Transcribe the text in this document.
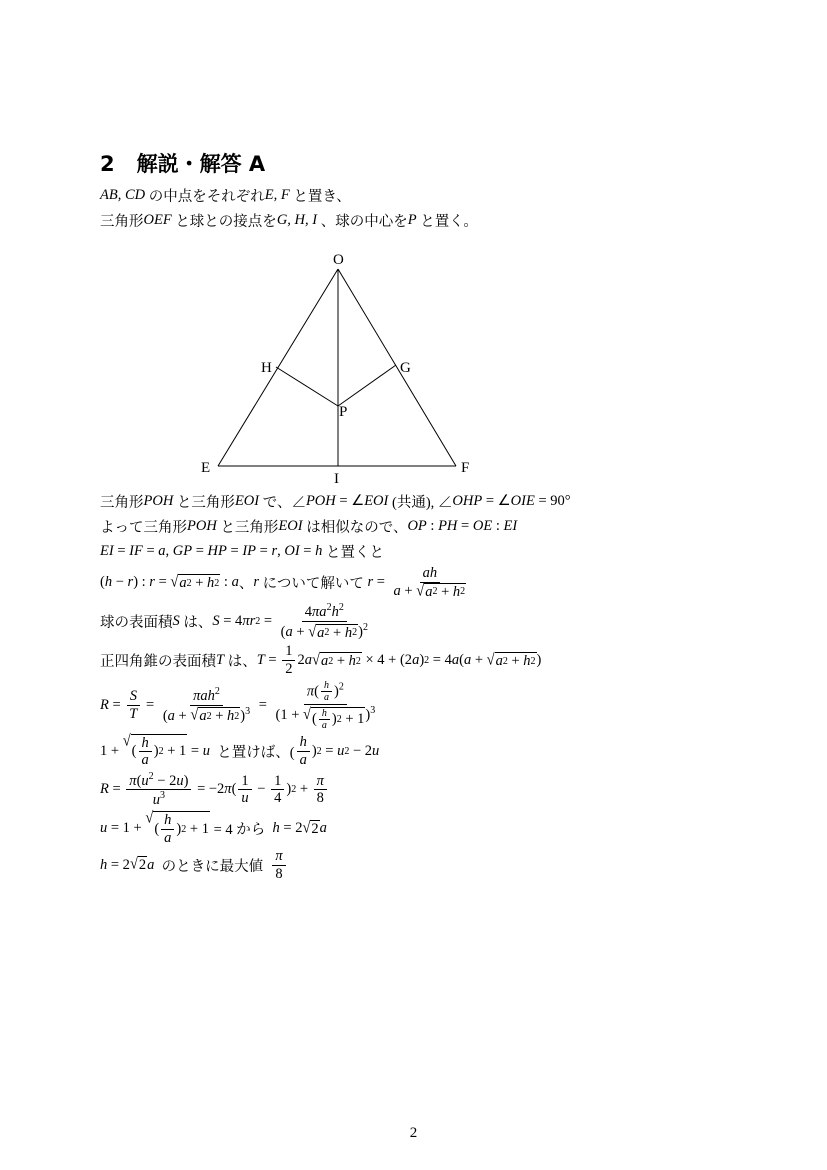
2 解説・解答 A
AB, CD の中点をそれぞれ E, F と置き、
三角形 OEF と球との接点を G, H, I 、球の中心を P と置く。
O
H	G
P
E	F
I
三角形 POH と三角形 EOI で、∠ POH = ∠ EOI (共通), ∠ OHP = ∠ OIE = 90°
よって三角形 POH と三角形 EOI は相似なので、 OP : PH = OE : EI
EI = IF = a , GP = HP = IP = r , OI = h と置くと
( h − r ) : r = √ a 2 + h 2 : a 、 r について解いて $r = \frac{ah}{a + √ a 2 + h 2}$
球の表面積 S は、 S = 4 πr $2 = \frac{4\pi a^2h^2}{(a + √ a 2 + h 2 )^2}$
正四角錐の表面積 T は、 $T = \frac{1}{2} 2$ a √ a 2 + h 2 × 4 + (2 a ) 2 = 4 a ( a + √ a 2 + h 2 )
$R = \frac{S}{T} = \frac{\pi ah^2}{(a + √ a 2 + h 2 )^3} = \frac{\pi( \frac{h}{a} )^2}{(1 + √ ( \frac{h}{a} ) 2 + 1 )^3}$
1 +
√
( $\frac{h}{a}$ ) 2 + 1 = u と置けば、( $\frac{h}{a}$ ) 2 = u 2 − 2 u
$R = \frac{\pi(u^2 - 2u)}{u^3} = -2$ π ( $\frac{1}{u} - \frac{1}{4}$ ) $2 + \frac{\pi}{8}$
u = 1 +
√
( $\frac{h}{a}$ ) 2 + 1 = 4 から h = 2 √ 2 a
h = 2 √ 2 a のときに最大値 $\frac{\pi}{8}$
2
